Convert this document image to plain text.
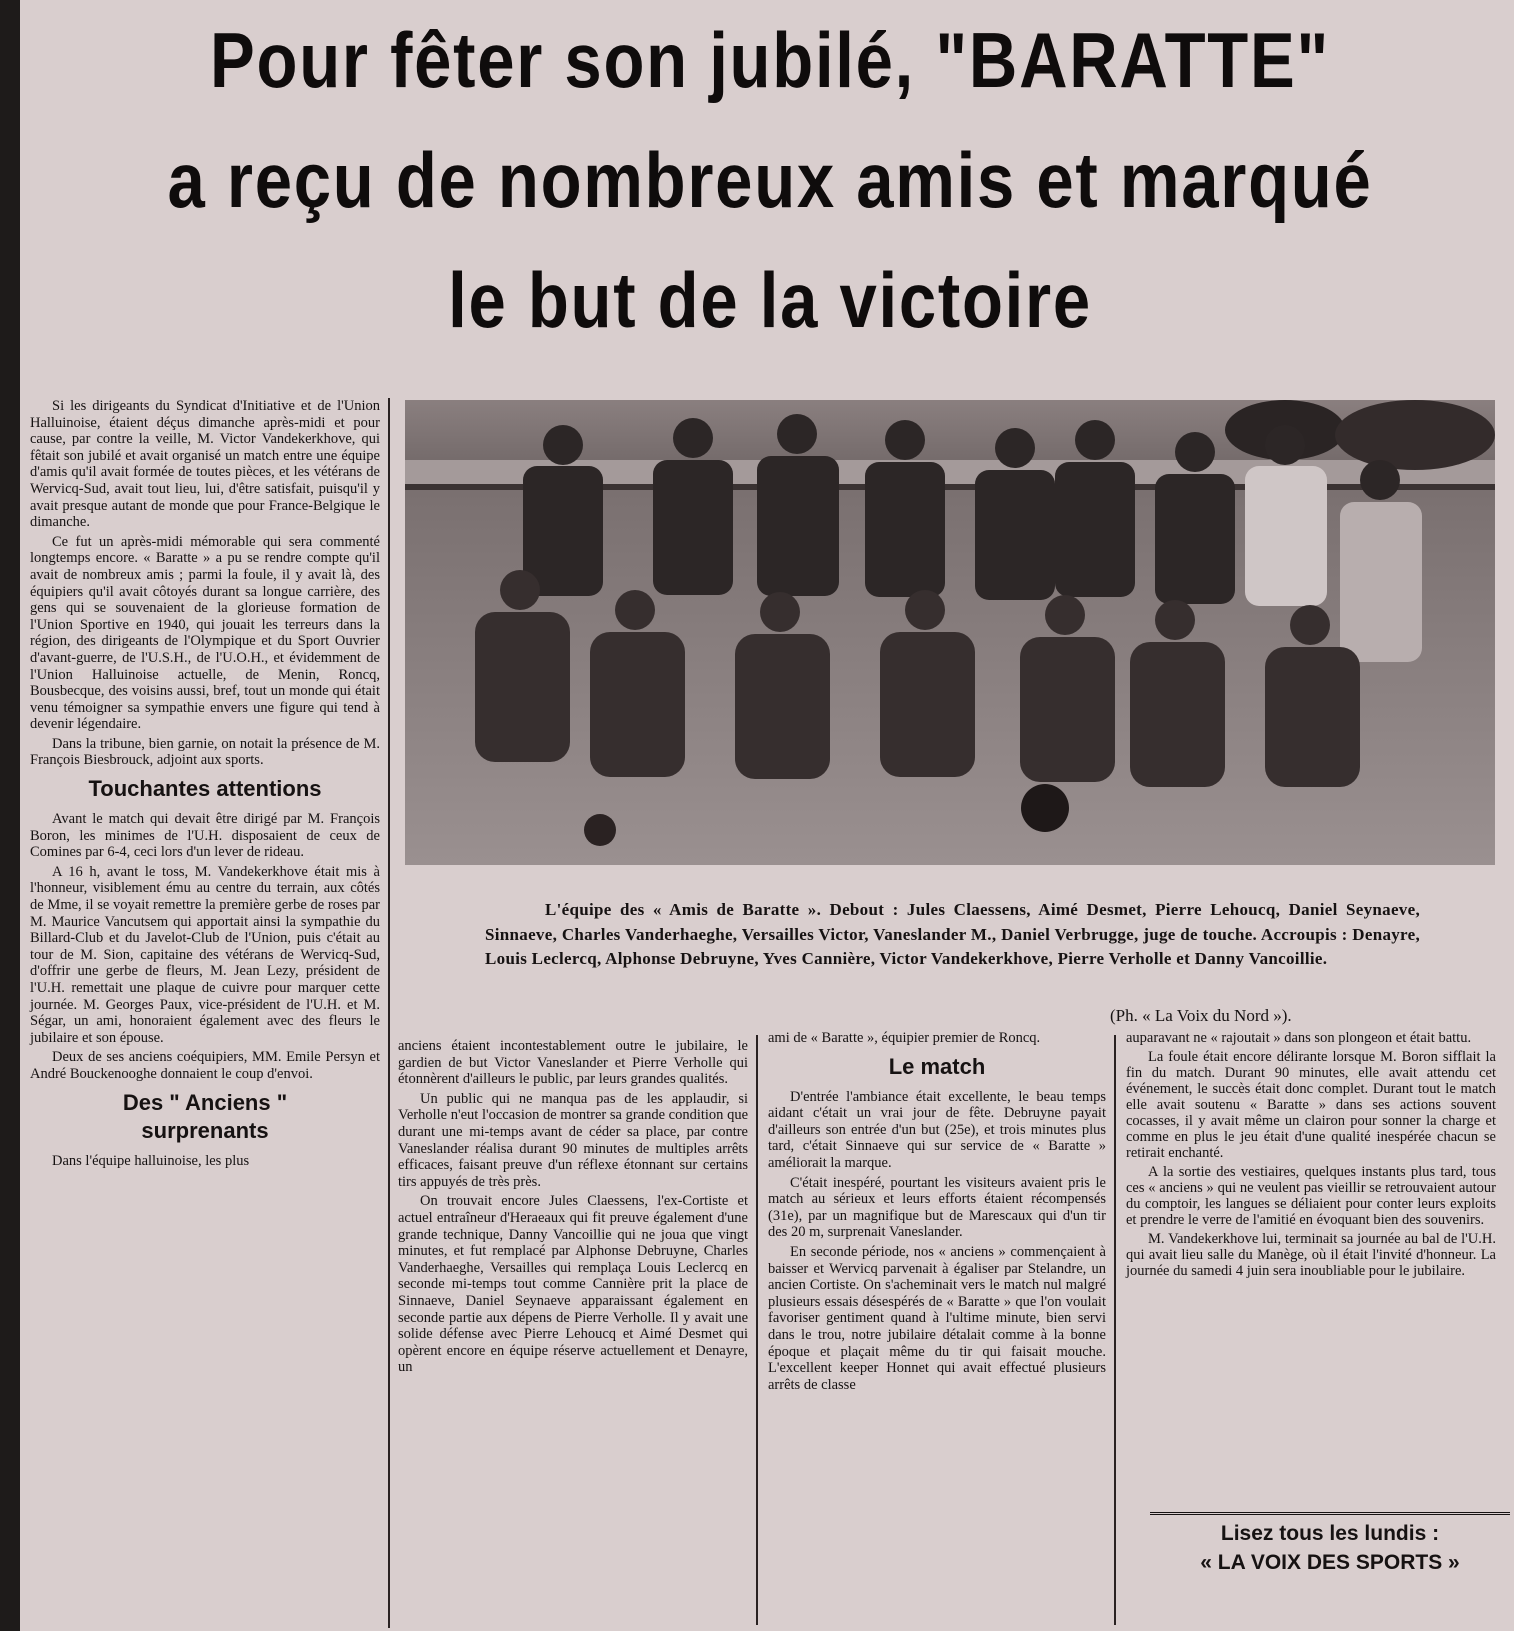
Pour fêter son jubilé, "BARATTE"
a reçu de nombreux amis et marqué
le but de la victoire

Si les dirigeants du Syndicat d'Initiative et de l'Union Halluinoise, étaient déçus dimanche après-midi et pour cause, par contre la veille, M. Victor Vandekerkhove, qui fêtait son jubilé et avait organisé un match entre une équipe d'amis qu'il avait formée de toutes pièces, et les vétérans de Wervicq-Sud, avait tout lieu, lui, d'être satisfait, puisqu'il y avait presque autant de monde que pour France-Belgique le dimanche.

Ce fut un après-midi mémorable qui sera commenté longtemps encore. « Baratte » a pu se rendre compte qu'il avait de nombreux amis ; parmi la foule, il y avait là, des équipiers qu'il avait côtoyés durant sa longue carrière, des gens qui se souvenaient de la glorieuse formation de l'Union Sportive en 1940, qui jouait les terreurs dans la région, des dirigeants de l'Olympique et du Sport Ouvrier d'avant-guerre, de l'U.S.H., de l'U.O.H., et évidemment de l'Union Halluinoise actuelle, de Menin, Roncq, Bousbecque, des voisins aussi, bref, tout un monde qui était venu témoigner sa sympathie envers une figure qui tend à devenir légendaire.

Dans la tribune, bien garnie, on notait la présence de M. François Biesbrouck, adjoint aux sports.

Touchantes attentions

Avant le match qui devait être dirigé par M. François Boron, les minimes de l'U.H. disposaient de ceux de Comines par 6-4, ceci lors d'un lever de rideau.

A 16 h, avant le toss, M. Vandekerkhove était mis à l'honneur, visiblement ému au centre du terrain, aux côtés de Mme, il se voyait remettre la première gerbe de roses par M. Maurice Vancutsem qui apportait ainsi la sympathie du Billard-Club et du Javelot-Club de l'Union, puis c'était au tour de M. Sion, capitaine des vétérans de Wervicq-Sud, d'offrir une gerbe de fleurs, M. Jean Lezy, président de l'U.H. remettait une plaque de cuivre pour marquer cette journée. M. Georges Paux, vice-président de l'U.H. et M. Ségar, un ami, honoraient également avec des fleurs le jubilaire et son épouse.

Deux de ses anciens coéquipiers, MM. Emile Persyn et André Bouckenooghe donnaient le coup d'envoi.

Des " Anciens " surprenants

Dans l'équipe halluinoise, les plus

L'équipe des « Amis de Baratte ». Debout : Jules Claessens, Aimé Desmet, Pierre Lehoucq, Daniel Seynaeve, Sinnaeve, Charles Vanderhaeghe, Versailles Victor, Vaneslander M., Daniel Verbrugge, juge de touche. Accroupis : Denayre, Louis Leclercq, Alphonse Debruyne, Yves Cannière, Victor Vandekerkhove, Pierre Verholle et Danny Vancoillie.

(Ph. « La Voix du Nord »).

anciens étaient incontestablement outre le jubilaire, le gardien de but Victor Vaneslander et Pierre Verholle qui étonnèrent d'ailleurs le public, par leurs grandes qualités.

Un public qui ne manqua pas de les applaudir, si Verholle n'eut l'occasion de montrer sa grande condition que durant une mi-temps avant de céder sa place, par contre Vaneslander réalisa durant 90 minutes de multiples arrêts efficaces, faisant preuve d'un réflexe étonnant sur certains tirs appuyés de très près.

On trouvait encore Jules Claessens, l'ex-Cortiste et actuel entraîneur d'Heraeaux qui fit preuve également d'une grande technique, Danny Vancoillie qui ne joua que vingt minutes, et fut remplacé par Alphonse Debruyne, Charles Vanderhaeghe, Versailles qui remplaça Louis Leclercq en seconde mi-temps tout comme Cannière prit la place de Sinnaeve, Daniel Seynaeve apparaissant également en seconde partie aux dépens de Pierre Verholle. Il y avait une solide défense avec Pierre Lehoucq et Aimé Desmet qui opèrent encore en équipe réserve actuellement et Denayre, un

ami de « Baratte », équipier premier de Roncq.

Le match

D'entrée l'ambiance était excellente, le beau temps aidant c'était un vrai jour de fête. Debruyne payait d'ailleurs son entrée d'un but (25e), et trois minutes plus tard, c'était Sinnaeve qui sur service de « Baratte » améliorait la marque.

C'était inespéré, pourtant les visiteurs avaient pris le match au sérieux et leurs efforts étaient récompensés (31e), par un magnifique but de Marescaux qui d'un tir des 20 m, surprenait Vaneslander.

En seconde période, nos « anciens » commençaient à baisser et Wervicq parvenait à égaliser par Stelandre, un ancien Cortiste. On s'acheminait vers le match nul malgré plusieurs essais désespérés de « Baratte » que l'on voulait favoriser gentiment quand à l'ultime minute, bien servi dans le trou, notre jubilaire détalait comme à la bonne époque et plaçait même du tir qui faisait mouche. L'excellent keeper Honnet qui avait effectué plusieurs arrêts de classe

auparavant ne « rajoutait » dans son plongeon et était battu.

La foule était encore délirante lorsque M. Boron sifflait la fin du match. Durant 90 minutes, elle avait attendu cet événement, le succès était donc complet. Durant tout le match elle avait soutenu « Baratte » dans ses actions souvent cocasses, il y avait même un clairon pour sonner la charge et comme en plus le jeu était d'une qualité inespérée chacun se retirait enchanté.

A la sortie des vestiaires, quelques instants plus tard, tous ces « anciens » qui ne veulent pas vieillir se retrouvaient autour du comptoir, les langues se déliaient pour conter leurs exploits et prendre le verre de l'amitié en évoquant bien des souvenirs.

M. Vandekerkhove lui, terminait sa journée au bal de l'U.H. qui avait lieu salle du Manège, où il était l'invité d'honneur. La journée du samedi 4 juin sera inoubliable pour le jubilaire.

Lisez tous les lundis :
« LA VOIX DES SPORTS »
